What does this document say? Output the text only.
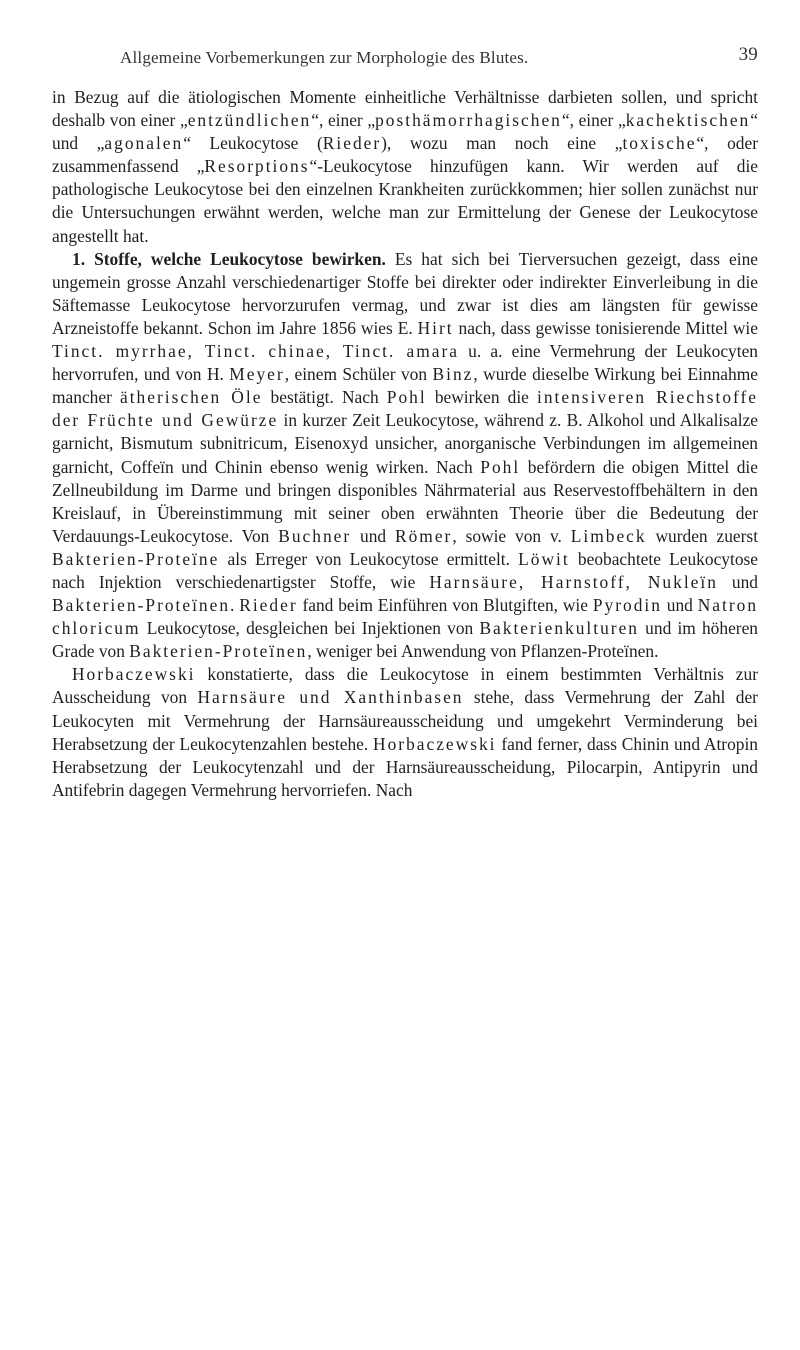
Allgemeine Vorbemerkungen zur Morphologie des Blutes.	39

in Bezug auf die ätiologischen Momente einheitliche Verhältnisse darbieten sollen, und spricht deshalb von einer „entzündlichen“, einer „posthämorrhagischen“, einer „kachektischen“ und „agonalen“ Leukocytose (Rieder), wozu man noch eine „toxische“, oder zusammenfassend „Resorptions“-Leukocytose hinzufügen kann. Wir werden auf die pathologische Leukocytose bei den einzelnen Krankheiten zurückkommen; hier sollen zunächst nur die Untersuchungen erwähnt werden, welche man zur Ermittelung der Genese der Leukocytose angestellt hat.

1. Stoffe, welche Leukocytose bewirken. Es hat sich bei Tierversuchen gezeigt, dass eine ungemein grosse Anzahl verschiedenartiger Stoffe bei direkter oder indirekter Einverleibung in die Säftemasse Leukocytose hervorzurufen vermag, und zwar ist dies am längsten für gewisse Arzneistoffe bekannt. Schon im Jahre 1856 wies E. Hirt nach, dass gewisse tonisierende Mittel wie Tinct. myrrhae, Tinct. chinae, Tinct. amara u. a. eine Vermehrung der Leukocyten hervorrufen, und von H. Meyer, einem Schüler von Binz, wurde dieselbe Wirkung bei Einnahme mancher ätherischen Öle bestätigt. Nach Pohl bewirken die intensiveren Riechstoffe der Früchte und Gewürze in kurzer Zeit Leukocytose, während z. B. Alkohol und Alkalisalze garnicht, Bismutum subnitricum, Eisenoxyd unsicher, anorganische Verbindungen im allgemeinen garnicht, Coffeïn und Chinin ebenso wenig wirken. Nach Pohl befördern die obigen Mittel die Zellneubildung im Darme und bringen disponibles Nährmaterial aus Reservestoffbehältern in den Kreislauf, in Übereinstimmung mit seiner oben erwähnten Theorie über die Bedeutung der Verdauungs-Leukocytose. Von Buchner und Römer, sowie von v. Limbeck wurden zuerst Bakterien-Proteïne als Erreger von Leukocytose ermittelt. Löwit beobachtete Leukocytose nach Injektion verschiedenartigster Stoffe, wie Harnsäure, Harnstoff, Nukleïn und Bakterien-Proteïnen. Rieder fand beim Einführen von Blutgiften, wie Pyrodin und Natron chloricum Leukocytose, desgleichen bei Injektionen von Bakterienkulturen und im höheren Grade von Bakterien-Proteïnen, weniger bei Anwendung von Pflanzen-Proteïnen.

Horbaczewski konstatierte, dass die Leukocytose in einem bestimmten Verhältnis zur Ausscheidung von Harnsäure und Xanthinbasen stehe, dass Vermehrung der Zahl der Leukocyten mit Vermehrung der Harnsäureausscheidung und umgekehrt Verminderung bei Herabsetzung der Leukocytenzahlen bestehe. Horbaczewski fand ferner, dass Chinin und Atropin Herabsetzung der Leukocytenzahl und der Harnsäureausscheidung, Pilocarpin, Antipyrin und Antifebrin dagegen Vermehrung hervorriefen. Nach
